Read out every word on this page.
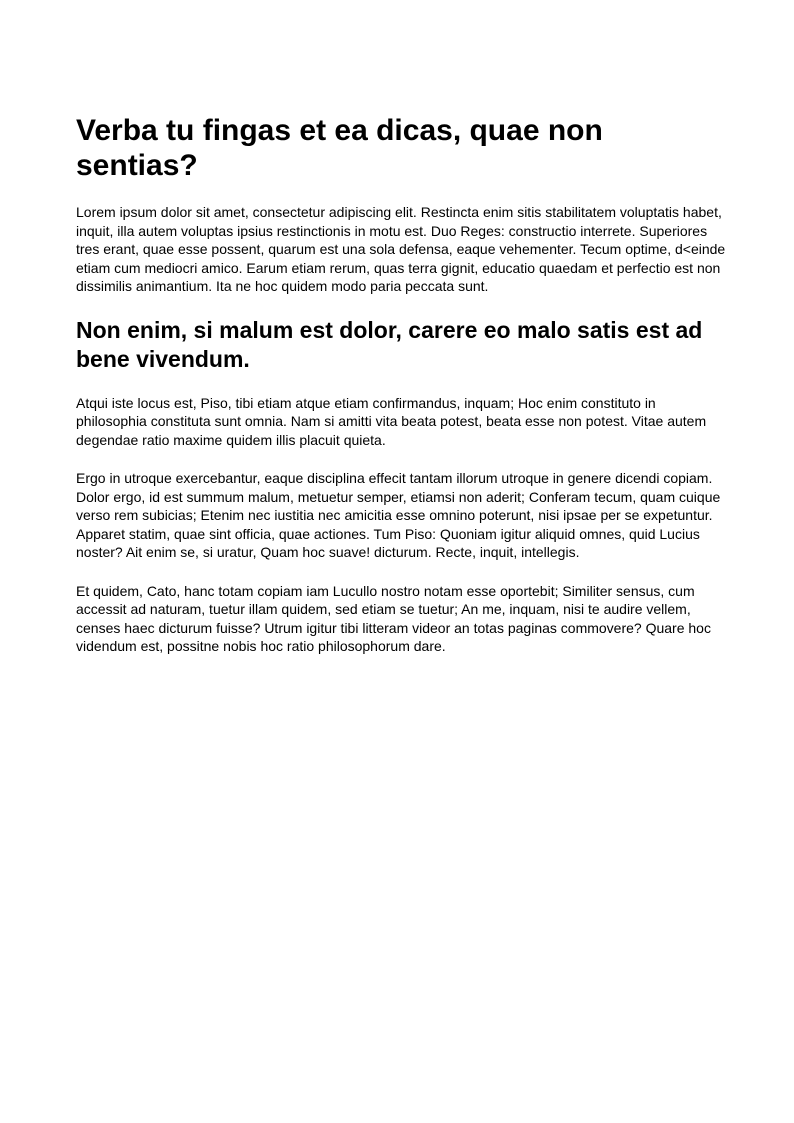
Verba tu fingas et ea dicas, quae non sentias?

Lorem ipsum dolor sit amet, consectetur adipiscing elit. Restincta enim sitis stabilitatem voluptatis habet, inquit, illa autem voluptas ipsius restinctionis in motu est. Duo Reges: constructio interrete. Superiores tres erant, quae esse possent, quarum est una sola defensa, eaque vehementer. Tecum optime, d<einde etiam cum mediocri amico. Earum etiam rerum, quas terra gignit, educatio quaedam et perfectio est non dissimilis animantium. Ita ne hoc quidem modo paria peccata sunt.

Non enim, si malum est dolor, carere eo malo satis est ad bene vivendum.

Atqui iste locus est, Piso, tibi etiam atque etiam confirmandus, inquam; Hoc enim constituto in philosophia constituta sunt omnia. Nam si amitti vita beata potest, beata esse non potest. Vitae autem degendae ratio maxime quidem illis placuit quieta.

Ergo in utroque exercebantur, eaque disciplina effecit tantam illorum utroque in genere dicendi copiam. Dolor ergo, id est summum malum, metuetur semper, etiamsi non aderit; Conferam tecum, quam cuique verso rem subicias; Etenim nec iustitia nec amicitia esse omnino poterunt, nisi ipsae per se expetuntur. Apparet statim, quae sint officia, quae actiones. Tum Piso: Quoniam igitur aliquid omnes, quid Lucius noster? Ait enim se, si uratur, Quam hoc suave! dicturum. Recte, inquit, intellegis.

Et quidem, Cato, hanc totam copiam iam Lucullo nostro notam esse oportebit; Similiter sensus, cum accessit ad naturam, tuetur illam quidem, sed etiam se tuetur; An me, inquam, nisi te audire vellem, censes haec dicturum fuisse? Utrum igitur tibi litteram videor an totas paginas commovere? Quare hoc videndum est, possitne nobis hoc ratio philosophorum dare.
